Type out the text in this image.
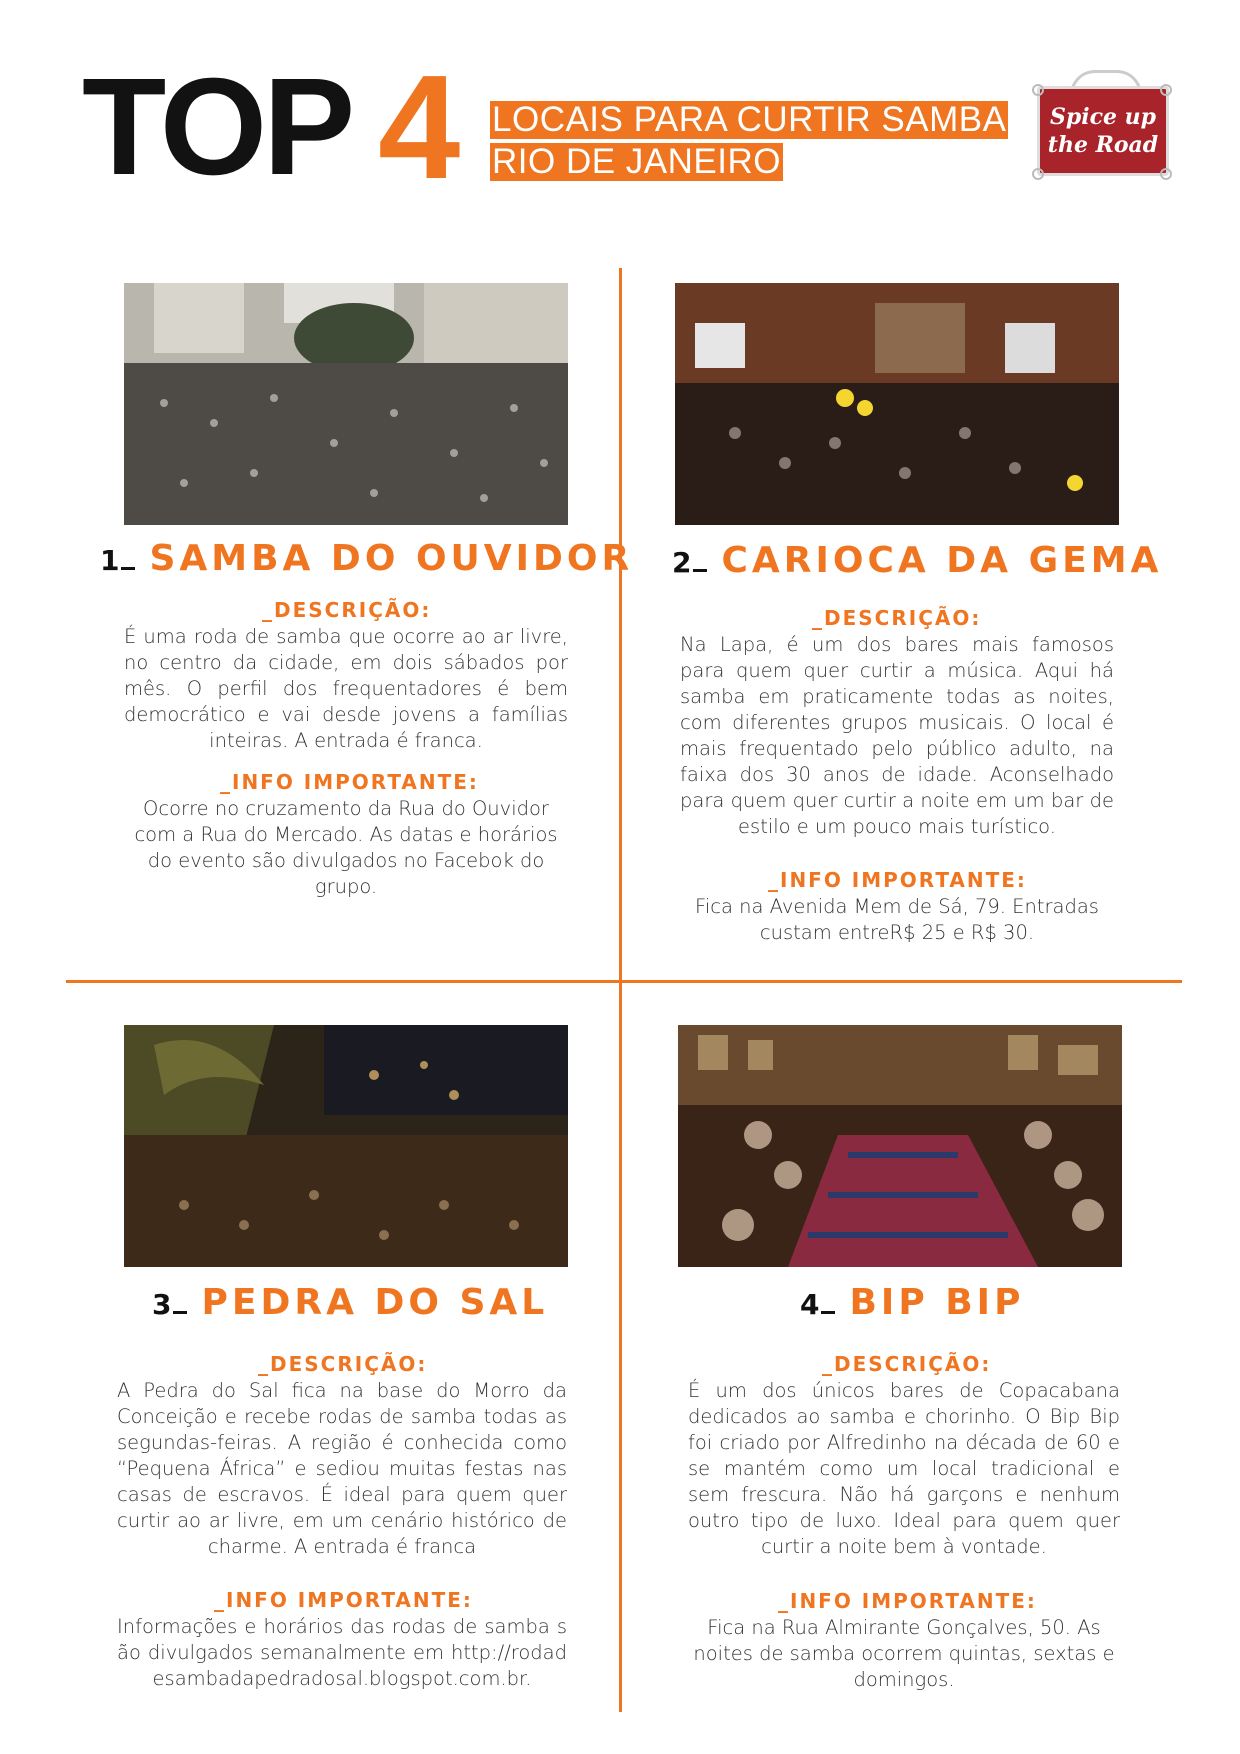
TOP 4 LOCAIS PARA CURTIR SAMBA
RIO DE JANEIRO
Spice up
the Road
1 SAMBA DO OUVIDOR
_DESCRIÇÃO:
É uma roda de samba que ocorre ao ar livre, no centro da cidade, em dois sábados por mês. O perfil dos frequentadores é bem democrático e vai desde jovens a famílias inteiras. A entrada é franca.
_INFO IMPORTANTE:
Ocorre no cruzamento da Rua do Ouvidor com a Rua do Mercado. As datas e horários do evento são divulgados no Facebok do grupo.
2 CARIOCA DA GEMA
_DESCRIÇÃO:
Na Lapa, é um dos bares mais famosos para quem quer curtir a música. Aqui há samba em praticamente todas as noites, com diferentes grupos musicais. O local é mais frequentado pelo público adulto, na faixa dos 30 anos de idade. Aconselhado para quem quer curtir a noite em um bar de estilo e um pouco mais turístico.
_INFO IMPORTANTE:
Fica na Avenida Mem de Sá, 79. Entradas custam entreR$ 25 e R$ 30.
3 PEDRA DO SAL
_DESCRIÇÃO:
A Pedra do Sal fica na base do Morro da Conceição e recebe rodas de samba todas as segundas-feiras. A região é conhecida como “Pequena África” e sediou muitas festas nas casas de escravos. É ideal para quem quer curtir ao ar livre, em um cenário histórico de charme. A entrada é franca
_INFO IMPORTANTE:
Informações e horários das rodas de samba são divulgados semanalmente em http://rodadesambadapedradosal.blogspot.com.br.
4 BIP BIP
_DESCRIÇÃO:
É um dos únicos bares de Copacabana dedicados ao samba e chorinho. O Bip Bip foi criado por Alfredinho na década de 60 e se mantém como um local tradicional e sem frescura. Não há garçons e nenhum outro tipo de luxo. Ideal para quem quer curtir a noite bem à vontade.
_INFO IMPORTANTE:
Fica na Rua Almirante Gonçalves, 50. As noites de samba ocorrem quintas, sextas e domingos.
